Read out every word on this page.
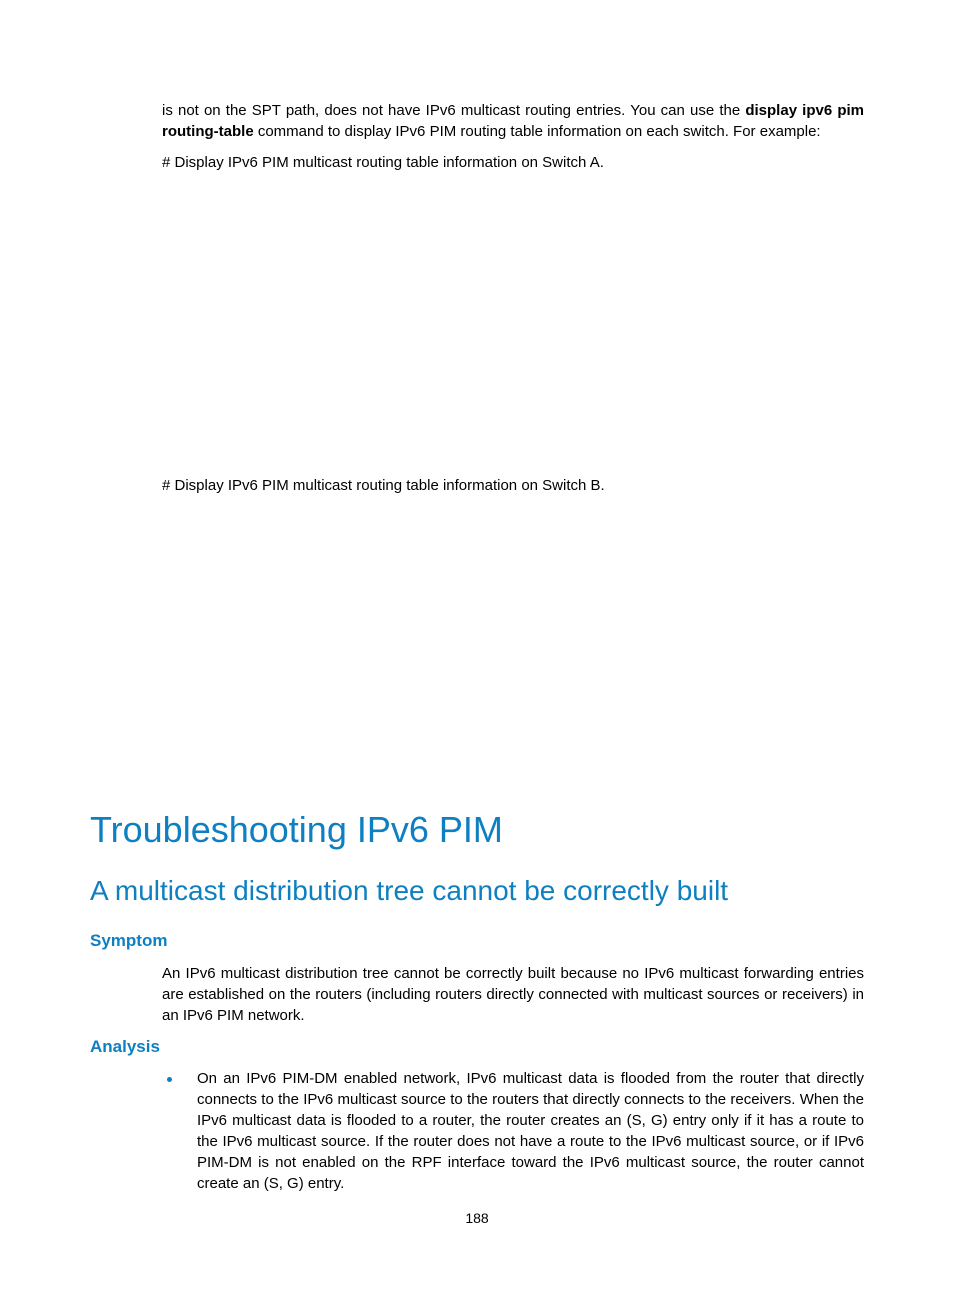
is not on the SPT path, does not have IPv6 multicast routing entries. You can use the display ipv6 pim routing-table command to display IPv6 PIM routing table information on each switch. For example:

# Display IPv6 PIM multicast routing table information on Switch A.

# Display IPv6 PIM multicast routing table information on Switch B.

Troubleshooting IPv6 PIM
A multicast distribution tree cannot be correctly built
Symptom

An IPv6 multicast distribution tree cannot be correctly built because no IPv6 multicast forwarding entries are established on the routers (including routers directly connected with multicast sources or receivers) in an IPv6 PIM network.

Analysis

On an IPv6 PIM-DM enabled network, IPv6 multicast data is flooded from the router that directly connects to the IPv6 multicast source to the routers that directly connects to the receivers. When the IPv6 multicast data is flooded to a router, the router creates an (S, G) entry only if it has a route to the IPv6 multicast source. If the router does not have a route to the IPv6 multicast source, or if IPv6 PIM-DM is not enabled on the RPF interface toward the IPv6 multicast source, the router cannot create an (S, G) entry.

188
